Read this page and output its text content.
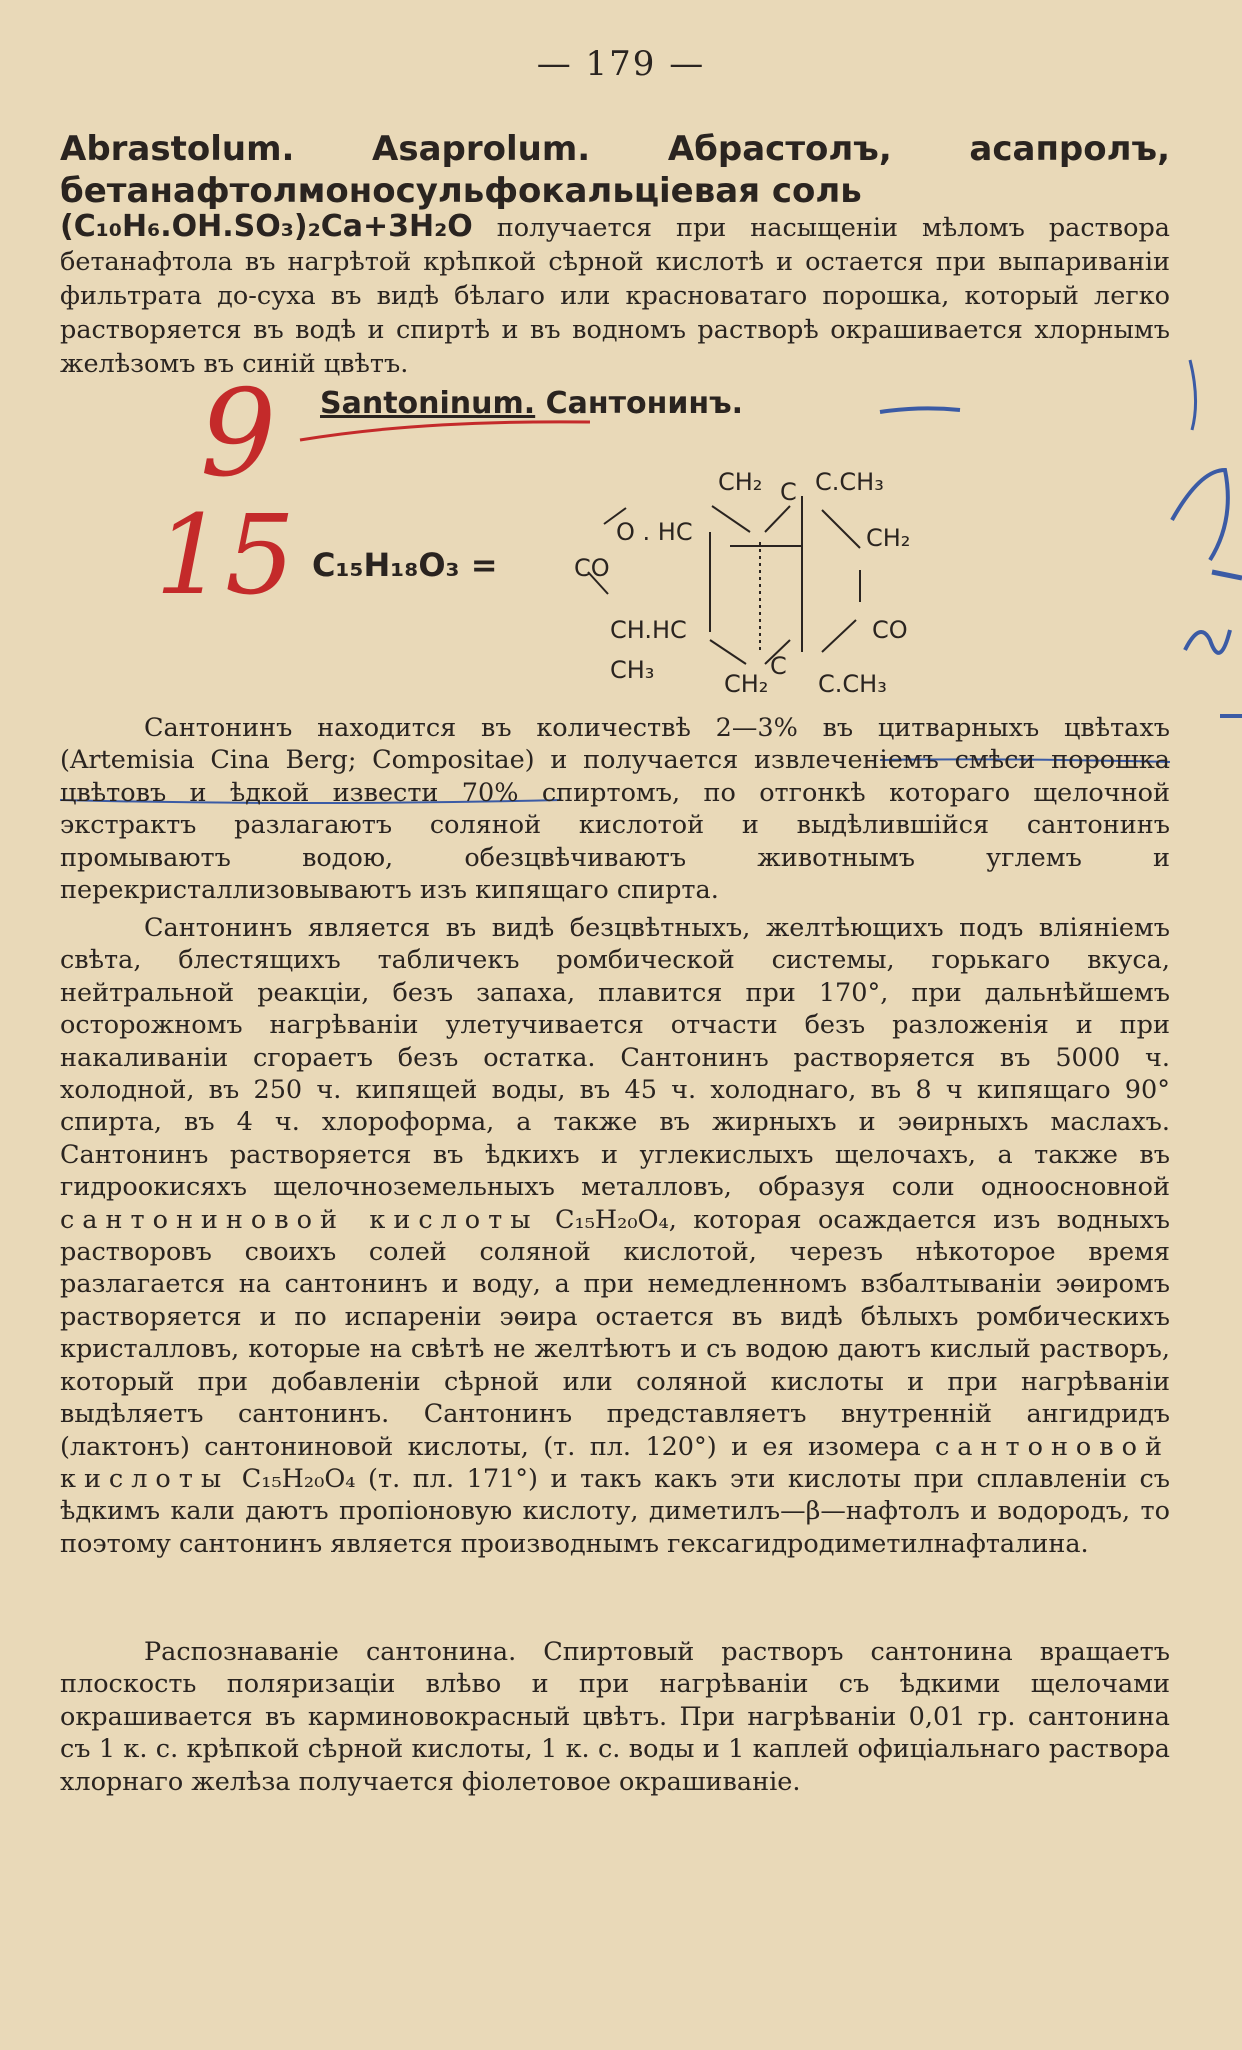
— 179 —
Abrastolum. Asaprolum. Абрастолъ, асапролъ, бетанафтолмоносульфокальцiевая соль
(C₁₀H₆.OH.SO₃)₂Ca+3H₂O получается при насыщенiи мѣломъ раствора бетанафтола въ нагрѣтой крѣпкой сѣрной кислотѣ и остается при выпариванiи фильтрата до-суха въ видѣ бѣлаго или красноватаго порошка, который легко растворяется въ водѣ и спиртѣ и въ водномъ растворѣ окрашивается хлорнымъ желѣзомъ въ синiй цвѣтъ.
9
15
Santoninum. Сантонинъ.
C₁₅H₁₈O₃ =
CH₂ C C.CH₃
O . HC	CH₂
CO
CH.HC	CO
CH₃	CH₂
C
C.CH₃
Сантонинъ находится въ количествѣ 2—3% въ цитварныхъ цвѣтахъ (Artemisia Cina Berg; Compositae) и получается извлеченiемъ смѣси порошка цвѣтовъ и ѣдкой извести 70% спиртомъ, по отгонкѣ котораго щелочной экстрактъ разлагаютъ соляной кислотой и выдѣлившiйся сантонинъ промываютъ водою, обезцвѣчиваютъ животнымъ углемъ и перекристаллизовываютъ изъ кипящаго спирта.
Сантонинъ является въ видѣ безцвѣтныхъ, желтѣющихъ подъ влiянiемъ свѣта, блестящихъ табличекъ ромбической системы, горькаго вкуса, нейтральной реакцiи, безъ запаха, плавится при 170°, при дальнѣйшемъ осторожномъ нагрѣванiи улетучивается отчасти безъ разложенiя и при накаливанiи сгораетъ безъ остатка. Сантонинъ растворяется въ 5000 ч. холодной, въ 250 ч. кипящей воды, въ 45 ч. холоднаго, въ 8 ч кипящаго 90° спирта, въ 4 ч. хлороформа, а также въ жирныхъ и эөирныхъ маслахъ. Сантонинъ растворяется въ ѣдкихъ и углекислыхъ щелочахъ, а также въ гидроокисяхъ щелочноземельныхъ металловъ, образуя соли одноосновной сантониновой кислоты C₁₅H₂₀O₄, которая осаждается изъ водныхъ растворовъ своихъ солей соляной кислотой, черезъ нѣкоторое время разлагается на сантонинъ и воду, а при немедленномъ взбалтыванiи эөиромъ растворяется и по испаренiи эөира остается въ видѣ бѣлыхъ ромбическихъ кристалловъ, которые на свѣтѣ не желтѣютъ и съ водою даютъ кислый растворъ, который при добавленiи сѣрной или соляной кислоты и при нагрѣванiи выдѣляетъ сантонинъ. Сантонинъ представляетъ внутреннiй ангидридъ (лактонъ) сантониновой кислоты, (т. пл. 120°) и ея изомера сантоновой кислоты C₁₅H₂₀O₄ (т. пл. 171°) и такъ какъ эти кислоты при сплавленiи съ ѣдкимъ кали даютъ пропiоновую кислоту, диметилъ—β—нафтолъ и водородъ, то поэтому сантонинъ является производнымъ гексагидродиметилнафталина.
Распознаванiе сантонина. Спиртовый растворъ сантонина вращаетъ плоскость поляризацiи влѣво и при нагрѣванiи съ ѣдкими щелочами окрашивается въ карминовокрасный цвѣтъ. При нагрѣванiи 0,01 гр. сантонина съ 1 к. с. крѣпкой сѣрной кислоты, 1 к. с. воды и 1 каплей офицiальнаго раствора хлорнаго желѣза получается фiолетовое окрашиванiе.
